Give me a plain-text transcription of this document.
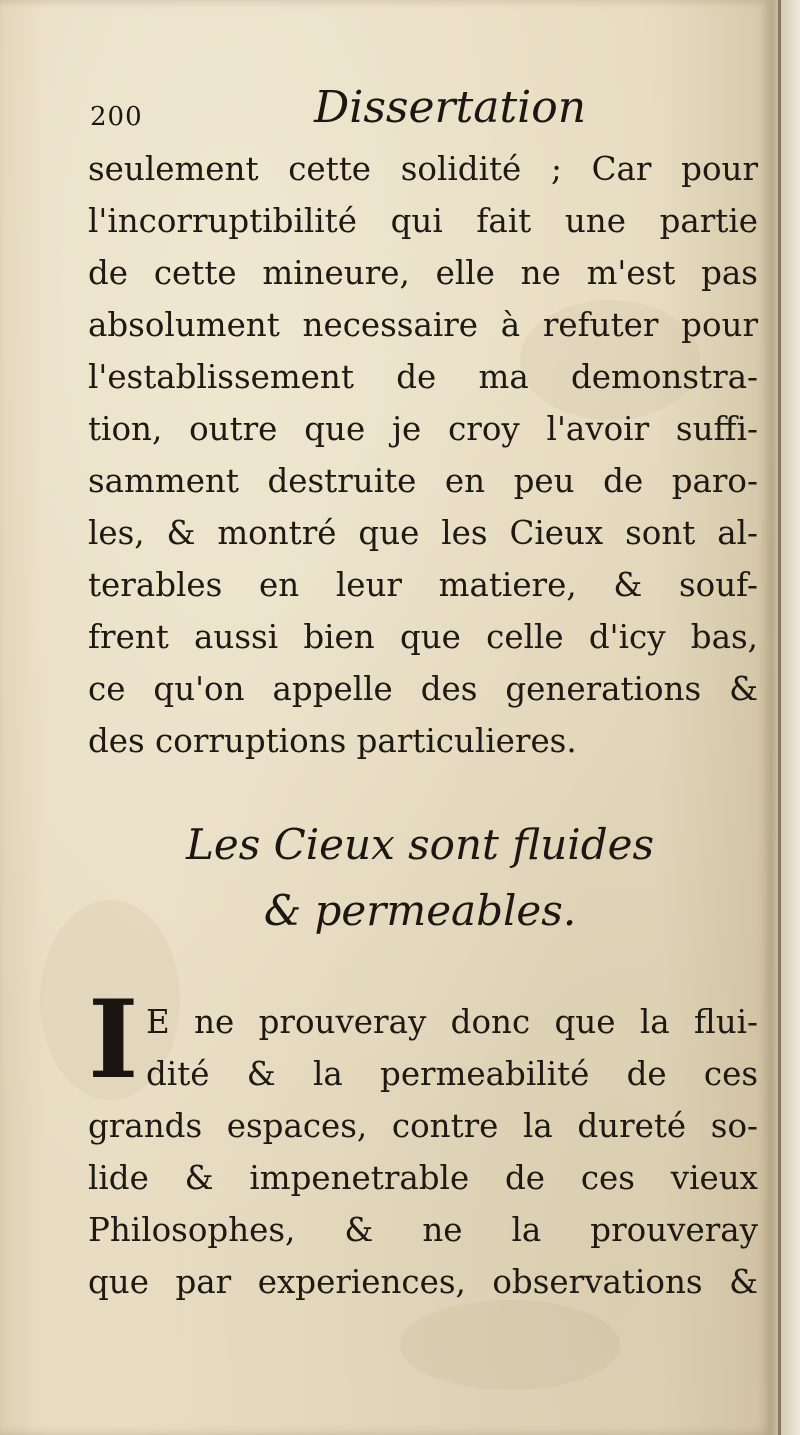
200	Dissertation
seulement cette solidité ; Car pour
l'incorruptibilité qui fait une partie
de cette mineure, elle ne m'est pas
absolument necessaire à refuter pour
l'establissement de ma demonstra-
tion, outre que je croy l'avoir suffi-
samment destruite en peu de paro-
les, & montré que les Cieux sont al-
terables en leur matiere, & souf-
frent aussi bien que celle d'icy bas,
ce qu'on appelle des generations &
des corruptions particulieres.
Les Cieux sont fluides
& permeables.
I E ne prouveray donc que la flui-
dité & la permeabilité de ces
grands espaces, contre la dureté so-
lide & impenetrable de ces vieux
Philosophes, & ne la prouveray
que par experiences, observations &
